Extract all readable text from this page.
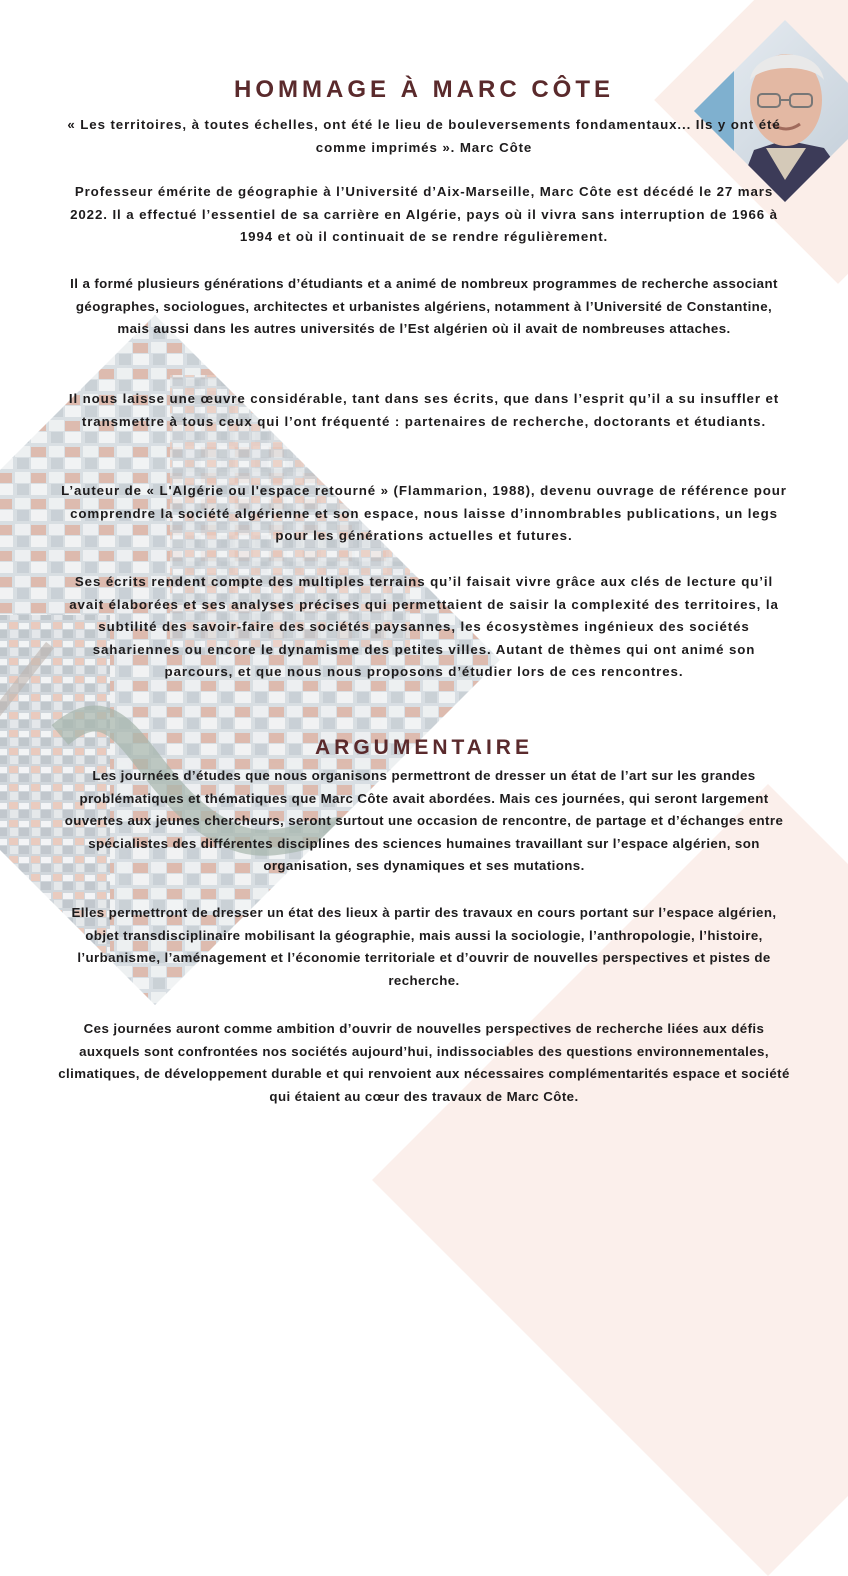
HOMMAGE À MARC CÔTE
« Les territoires, à toutes échelles, ont été le lieu de bouleversements fondamentaux... Ils y ont été comme imprimés ». Marc Côte
Professeur émérite de géographie à l’Université d’Aix-Marseille, Marc Côte est décédé le 27 mars 2022. Il a effectué l’essentiel de sa carrière en Algérie, pays où il vivra sans interruption de 1966 à 1994 et où il continuait de se rendre régulièrement.
Il a formé plusieurs générations d’étudiants et a animé de nombreux programmes de recherche associant géographes, sociologues, architectes et urbanistes algériens, notamment à l’Université de Constantine, mais aussi dans les autres universités de l’Est algérien où il avait de nombreuses attaches.
Il nous laisse une œuvre considérable, tant dans ses écrits, que dans l’esprit qu’il a su insuffler et transmettre à tous ceux qui l’ont fréquenté : partenaires de recherche, doctorants et étudiants.
L’auteur de « L'Algérie ou l'espace retourné » (Flammarion, 1988), devenu ouvrage de référence pour comprendre la société algérienne et son espace, nous laisse d’innombrables publications, un legs pour les générations actuelles et futures.
Ses écrits rendent compte des multiples terrains qu’il faisait vivre grâce aux clés de lecture qu’il avait élaborées et ses analyses précises qui permettaient de saisir la complexité des territoires, la subtilité des savoir-faire des sociétés paysannes, les écosystèmes ingénieux des sociétés sahariennes ou encore le dynamisme des petites villes. Autant de thèmes qui ont animé son parcours, et que nous nous proposons d’étudier lors de ces rencontres.
ARGUMENTAIRE
Les journées d’études que nous organisons permettront de dresser un état de l’art sur les grandes problématiques et thématiques que Marc Côte avait abordées. Mais ces journées, qui seront largement ouvertes aux jeunes chercheurs, seront surtout une occasion de rencontre, de partage et d’échanges entre spécialistes des différentes disciplines des sciences humaines travaillant sur l’espace algérien, son organisation, ses dynamiques et ses mutations.
Elles permettront de dresser un état des lieux à partir des travaux en cours portant sur l’espace algérien, objet transdisciplinaire mobilisant la géographie, mais aussi la sociologie, l’anthropologie, l’histoire, l’urbanisme, l’aménagement et l’économie territoriale et d’ouvrir de nouvelles perspectives et pistes de recherche.
Ces journées auront comme ambition d’ouvrir de nouvelles perspectives de recherche liées aux défis auxquels sont confrontées nos sociétés aujourd’hui, indissociables des questions environnementales, climatiques, de développement durable et qui renvoient aux nécessaires complémentarités espace et société qui étaient au cœur des travaux de Marc Côte.
